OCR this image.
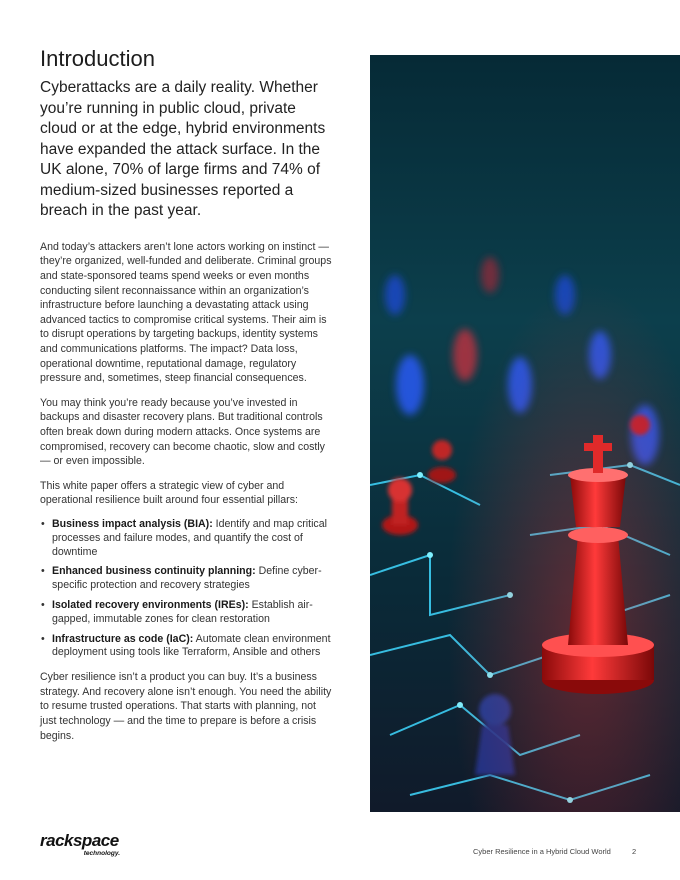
Introduction

Cyberattacks are a daily reality. Whether you’re running in public cloud, private cloud or at the edge, hybrid environments have expanded the attack surface. In the UK alone, 70% of large firms and 74% of medium-sized businesses reported a breach in the past year.

And today’s attackers aren’t lone actors working on instinct — they’re organized, well-funded and deliberate. Criminal groups and state-sponsored teams spend weeks or even months conducting silent reconnaissance within an organization’s infrastructure before launching a devastating attack using advanced tactics to compromise critical systems. Their aim is to disrupt operations by targeting backups, identity systems and communications platforms. The impact? Data loss, operational downtime, reputational damage, regulatory pressure and, sometimes, steep financial consequences.

You may think you’re ready because you’ve invested in backups and disaster recovery plans. But traditional controls often break down during modern attacks. Once systems are compromised, recovery can become chaotic, slow and costly — or even impossible.

This white paper offers a strategic view of cyber and operational resilience built around four essential pillars:

• Business impact analysis (BIA): Identify and map critical processes and failure modes, and quantify the cost of downtime
• Enhanced business continuity planning: Define cyber-specific protection and recovery strategies
• Isolated recovery environments (IREs): Establish air-gapped, immutable zones for clean restoration
• Infrastructure as code (IaC): Automate clean environment deployment using tools like Terraform, Ansible and others

Cyber resilience isn’t a product you can buy. It’s a business strategy. And recovery alone isn’t enough. You need the ability to resume trusted operations. That starts with planning, not just technology — and the time to prepare is before a crisis begins.

rackspace
technology.	Cyber Resilience in a Hybrid Cloud World	2
